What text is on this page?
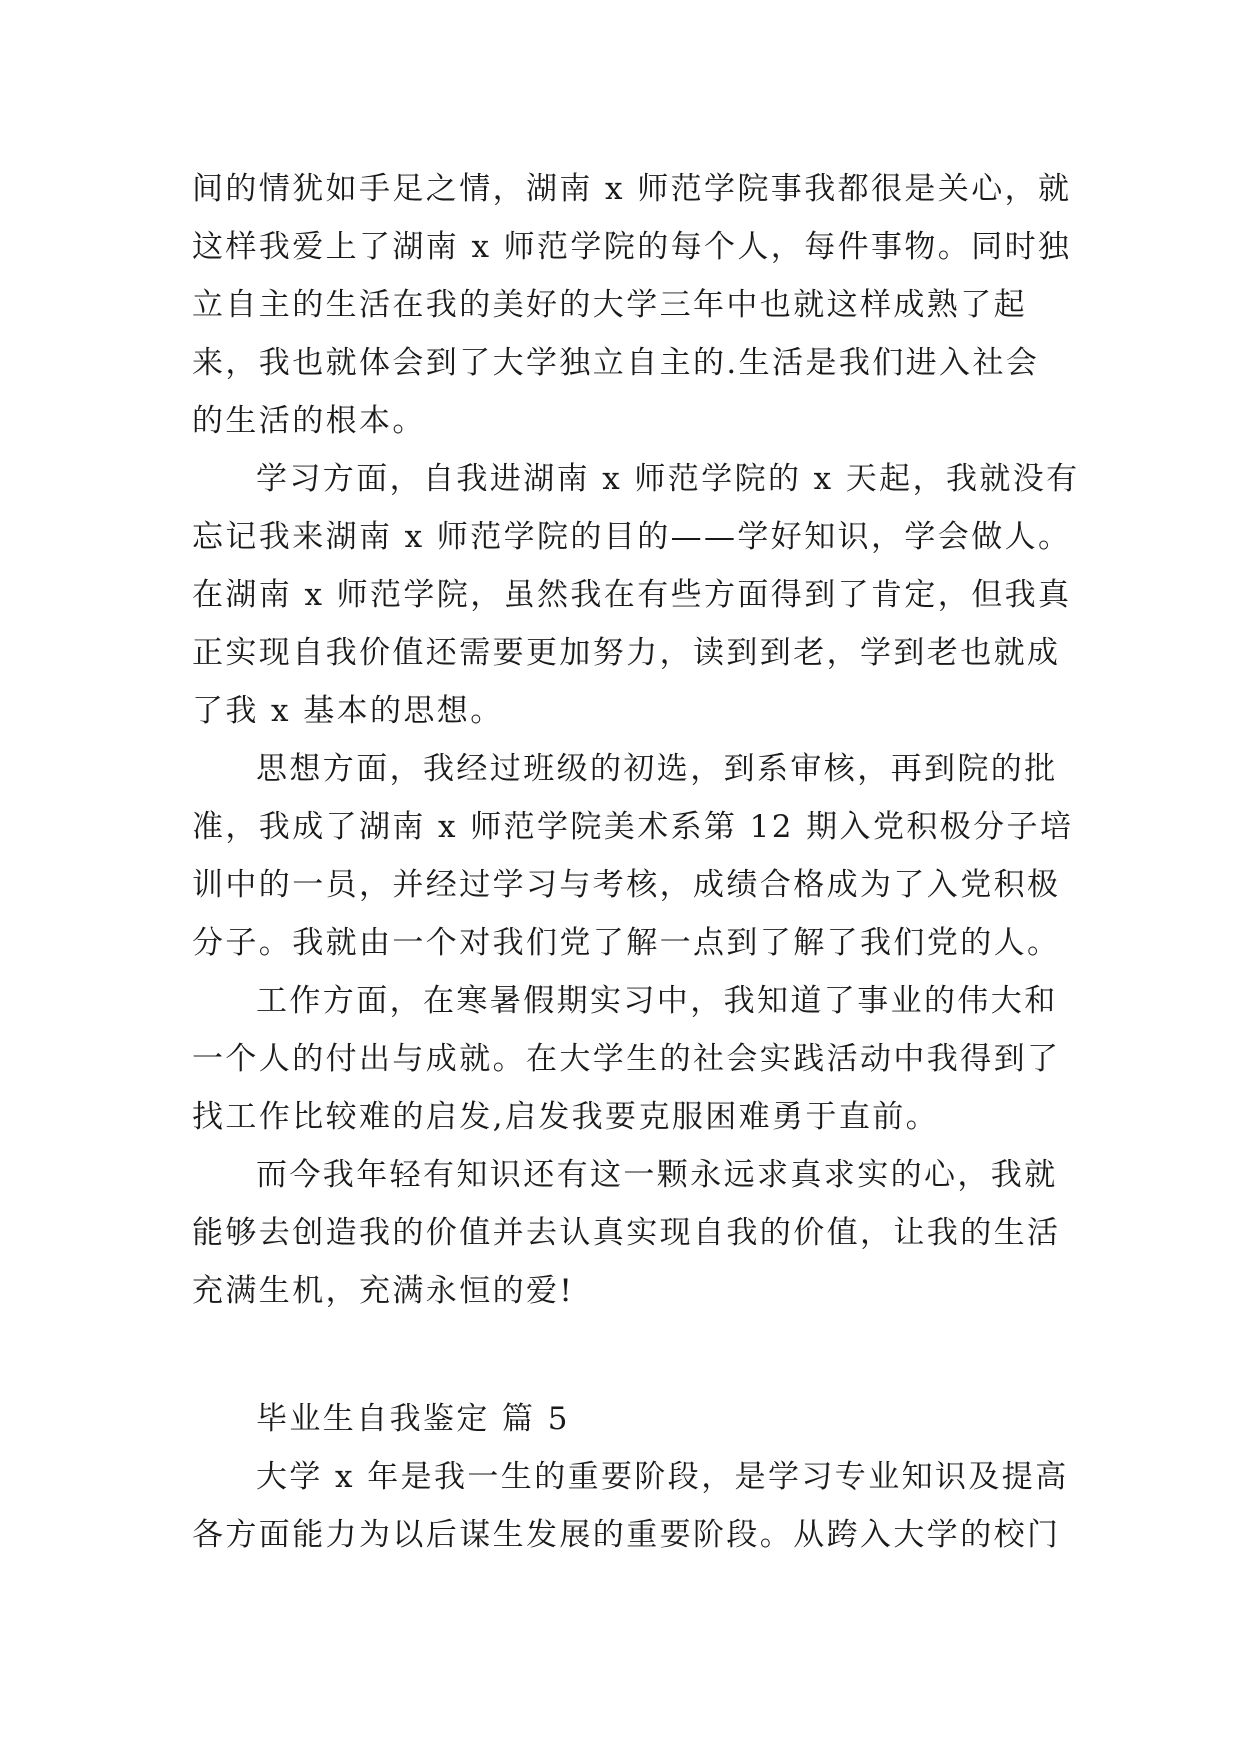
间的情犹如手足之情，湖南 x 师范学院事我都很是关心，就
这样我爱上了湖南 x 师范学院的每个人，每件事物。同时独
立自主的生活在我的美好的大学三年中也就这样成熟了起
来，我也就体会到了大学独立自主的.生活是我们进入社会
的生活的根本。
学习方面，自我进湖南 x 师范学院的 x 天起，我就没有
忘记我来湖南 x 师范学院的目的——学好知识，学会做人。
在湖南 x 师范学院，虽然我在有些方面得到了肯定，但我真
正实现自我价值还需要更加努力，读到到老，学到老也就成
了我 x 基本的思想。
思想方面，我经过班级的初选，到系审核，再到院的批
准，我成了湖南 x 师范学院美术系第 12 期入党积极分子培
训中的一员，并经过学习与考核，成绩合格成为了入党积极
分子。我就由一个对我们党了解一点到了解了我们党的人。
工作方面，在寒暑假期实习中，我知道了事业的伟大和
一个人的付出与成就。在大学生的社会实践活动中我得到了
找工作比较难的启发,启发我要克服困难勇于直前。
而今我年轻有知识还有这一颗永远求真求实的心，我就
能够去创造我的价值并去认真实现自我的价值，让我的生活
充满生机，充满永恒的爱!
毕业生自我鉴定 篇 5
大学 x 年是我一生的重要阶段，是学习专业知识及提高
各方面能力为以后谋生发展的重要阶段。从跨入大学的校门
